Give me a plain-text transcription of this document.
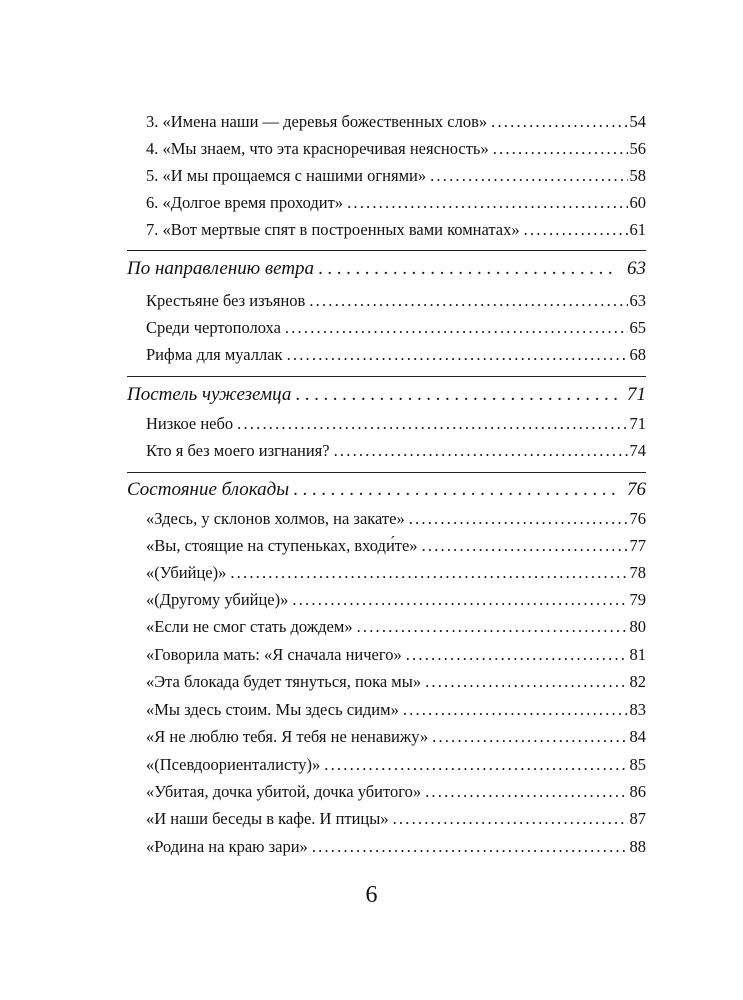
3. «Имена наши — деревья божественных слов» .....	54
4. «Мы знаем, что эта красноречивая неясность» .....	56
5. «И мы прощаемся с нашими огнями» .....	58
6. «Долгое время проходит» .....	60
7. «Вот мертвые спят в построенных вами комнатах» .....	61
По направлению ветра .....	63
Крестьяне без изъянов .....	63
Среди чертополоха .....	65
Рифма для муаллак .....	68
Постель чужеземца .....	71
Низкое небо .....	71
Кто я без моего изгнания? .....	74
Состояние блокады .....	76
«Здесь, у склонов холмов, на закате» .....	76
«Вы, стоящие на ступеньках, входи́те» .....	77
«(Убийце)» .....	78
«(Другому убийце)» .....	79
«Если не смог стать дождем» .....	80
«Говорила мать: «Я сначала ничего» .....	81
«Эта блокада будет тянуться, пока мы» .....	82
«Мы здесь стоим. Мы здесь сидим» .....	83
«Я не люблю тебя. Я тебя не ненавижу» .....	84
«(Псевдоориенталисту)» .....	85
«Убитая, дочка убитой, дочка убитого» .....	86
«И наши беседы в кафе. И птицы» .....	87
«Родина на краю зари» .....	88
6
